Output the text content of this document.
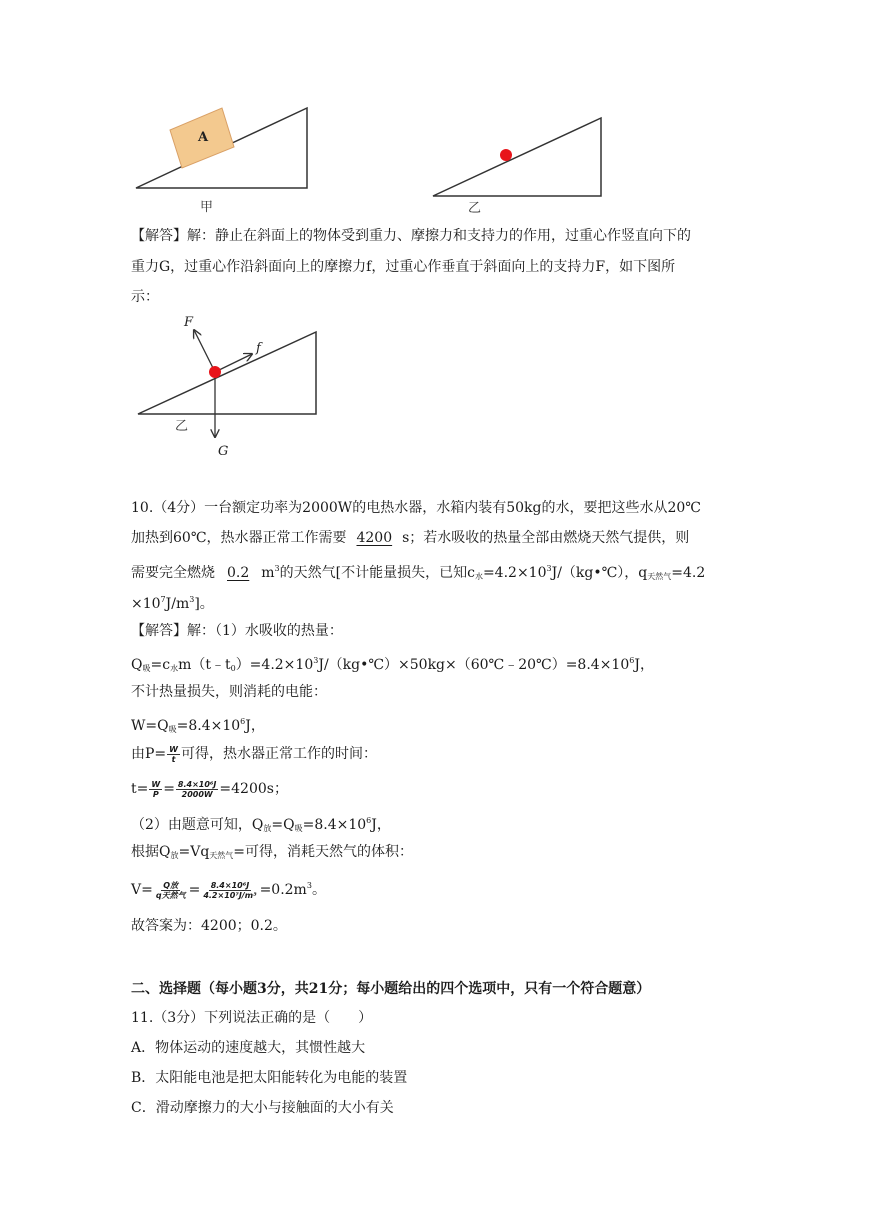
A
甲	乙
【解答】解：静止在斜面上的物体受到重力、摩擦力和支持力的作用，过重心作竖直向下的
重力G，过重心作沿斜面向上的摩擦力f，过重心作垂直于斜面向上的支持力F，如下图所
示：
F
f
G
乙
10.（4分）一台额定功率为2000W的电热水器，水箱内装有50kg的水，要把这些水从20℃
加热到60℃，热水器正常工作需要 4200 s；若水吸收的热量全部由燃烧天然气提供，则
需要完全燃烧 0.2 $m^3$的天然气[不计能量损失，已知$c_水=4.2\times 10^3J/(kg•℃)$，$q_{天然气}=4.2$
$\times 10^7J/m^3$]。
【解答】解：（1）水吸收的热量：
$Q_吸=c_水m(t﹣t_0)=4.2\times 10^3J/(kg•℃)\times 50kg\times(60℃﹣20℃)=8.4\times 10^6J$，
不计热量损失，则消耗的电能：
$W=Q_吸=8.4\times 10^6J$，
由$P= \frac{W}{t}$ 可得，热水器正常工作的时间：
$t= \frac{W}{P} = \frac{\text{8.4×10⁶J}}{2000W} =4200s$；
（2）由题意可知，$Q_放=Q_吸=8.4\times 10^6J$，
根据$Q_放=Vq_{天然气}=$可得，消耗天然气的体积：
$V= \frac{\text{Q放}}{\text{q天然气}} = \frac{\text{8.4×10⁶J}}{\text{4.2×10⁷J/m³}} =0.2m^3$。
故答案为：4200；0.2。
二、选择题（每小题3分，共21分；每小题给出的四个选项中，只有一个符合题意）
11.（3分）下列说法正确的是（　　）
A．物体运动的速度越大，其惯性越大
B．太阳能电池是把太阳能转化为电能的装置
C．滑动摩擦力的大小与接触面的大小有关
